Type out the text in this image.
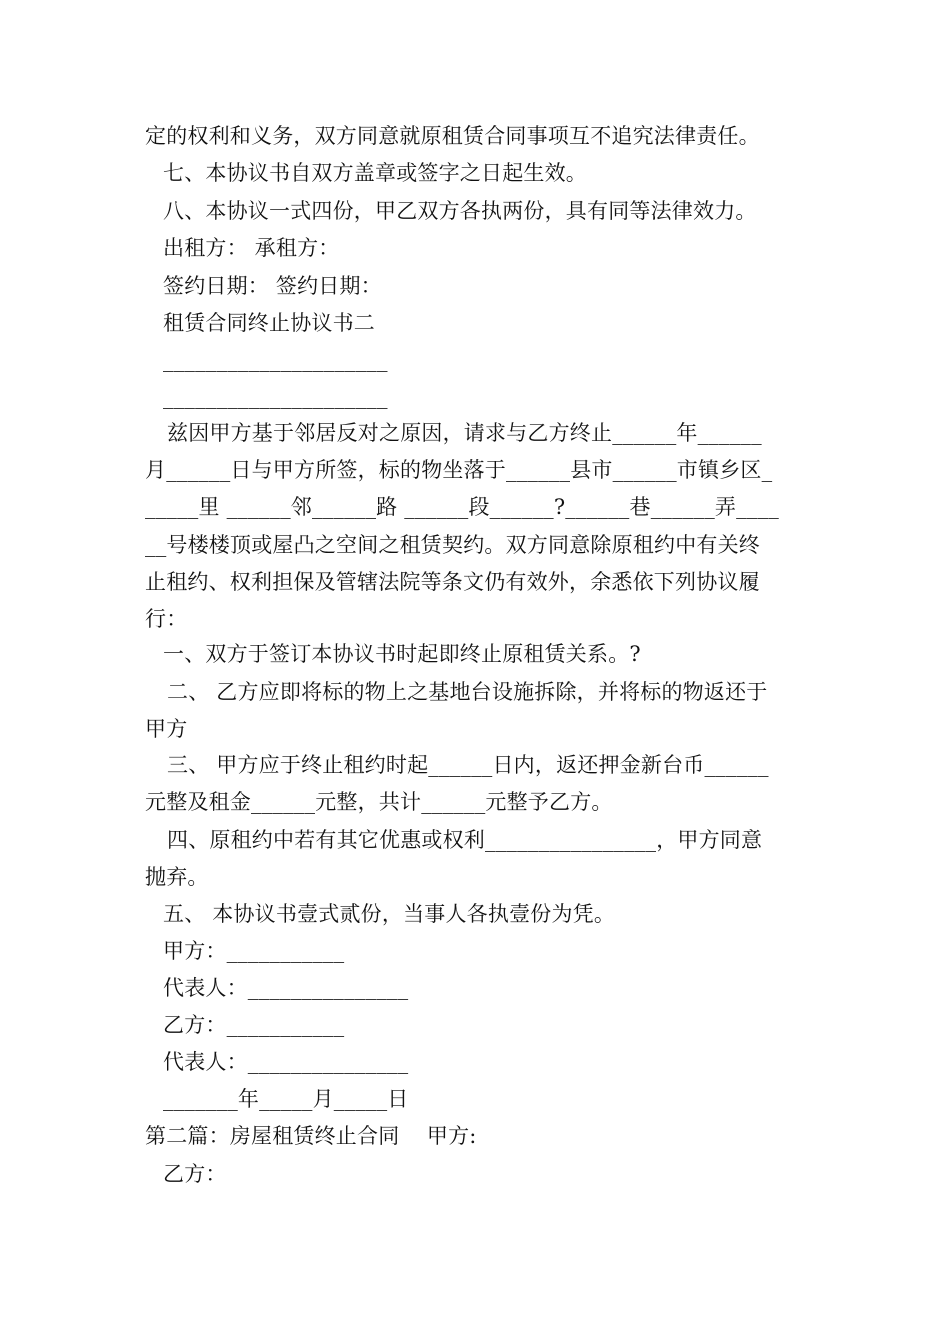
定的权利和义务，双方同意就原租赁合同事项互不追究法律责任。
七、本协议书自双方盖章或签字之日起生效。
八、本协议一式四份，甲乙双方各执两份，具有同等法律效力。
出租方： 承租方：
签约日期： 签约日期：
租赁合同终止协议书二
_____________________
_____________________
兹因甲方基于邻居反对之原因，请求与乙方终止______年______
月______日与甲方所签，标的物坐落于______县市______市镇乡区_
_____里 ______邻______路 ______段______?______巷______弄____
__号楼楼顶或屋凸之空间之租赁契约。双方同意除原租约中有关终
止租约、权利担保及管辖法院等条文仍有效外，余悉依下列协议履
行：
一、双方于签订本协议书时起即终止原租赁关系。?
二、 乙方应即将标的物上之基地台设施拆除，并将标的物返还于
甲方
三、 甲方应于终止租约时起______日内，返还押金新台币______
元整及租金______元整，共计______元整予乙方。
四、原租约中若有其它优惠或权利________________，甲方同意
抛弃。
五、 本协议书壹式贰份，当事人各执壹份为凭。
甲方：___________
代表人：_______________
乙方：___________
代表人：_______________
_______年_____月_____日
第二篇：房屋租赁终止合同    甲方:
乙方：
